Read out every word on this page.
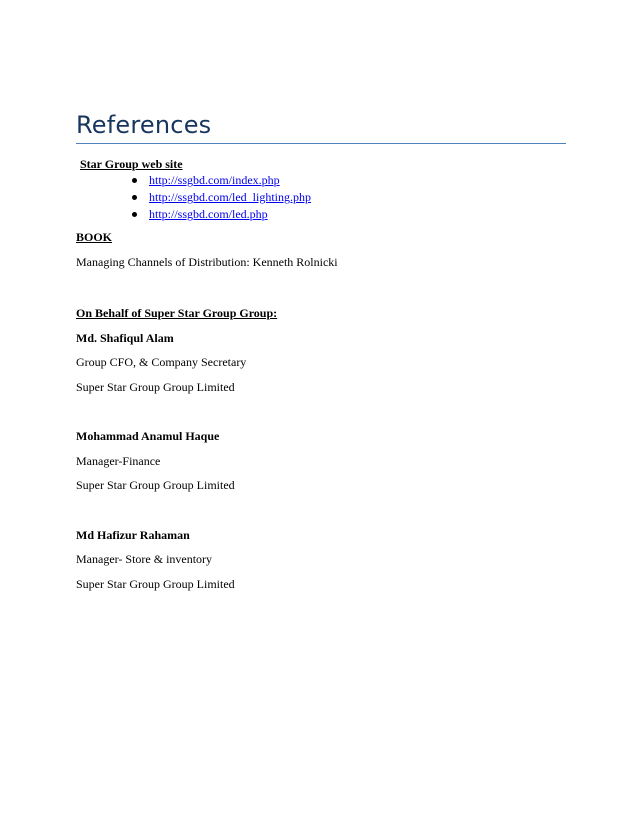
References

Star Group web site

http://ssgbd.com/index.php
http://ssgbd.com/led_lighting.php
http://ssgbd.com/led.php

BOOK

Managing Channels of Distribution: Kenneth Rolnicki

On Behalf of Super Star Group Group:

Md. Shafiqul Alam

Group CFO, & Company Secretary

Super Star Group Group Limited

Mohammad Anamul Haque

Manager-Finance

Super Star Group Group Limited

Md Hafizur Rahaman

Manager- Store & inventory

Super Star Group Group Limited
